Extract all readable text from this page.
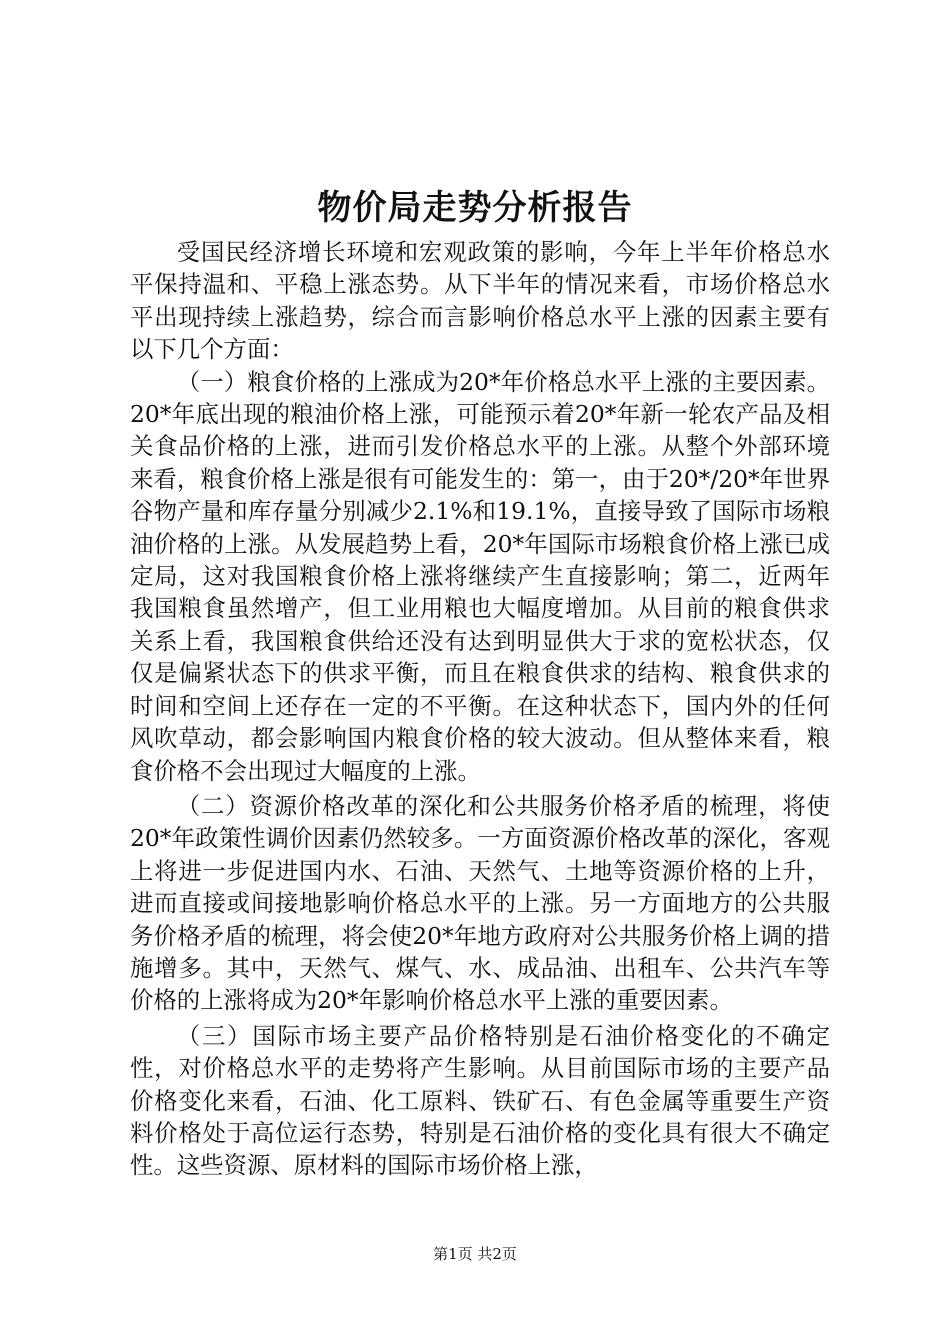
物价局走势分析报告

受国民经济增长环境和宏观政策的影响，今年上半年价格总水平保持温和、平稳上涨态势。从下半年的情况来看，市场价格总水平出现持续上涨趋势，综合而言影响价格总水平上涨的因素主要有以下几个方面：

（一）粮食价格的上涨成为20*年价格总水平上涨的主要因素。20*年底出现的粮油价格上涨，可能预示着20*年新一轮农产品及相关食品价格的上涨，进而引发价格总水平的上涨。从整个外部环境来看，粮食价格上涨是很有可能发生的：第一，由于20*/20*年世界谷物产量和库存量分别减少2.1%和19.1%，直接导致了国际市场粮油价格的上涨。从发展趋势上看，20*年国际市场粮食价格上涨已成定局，这对我国粮食价格上涨将继续产生直接影响；第二，近两年我国粮食虽然增产，但工业用粮也大幅度增加。从目前的粮食供求关系上看，我国粮食供给还没有达到明显供大于求的宽松状态，仅仅是偏紧状态下的供求平衡，而且在粮食供求的结构、粮食供求的时间和空间上还存在一定的不平衡。在这种状态下，国内外的任何风吹草动，都会影响国内粮食价格的较大波动。但从整体来看，粮食价格不会出现过大幅度的上涨。

（二）资源价格改革的深化和公共服务价格矛盾的梳理，将使20*年政策性调价因素仍然较多。一方面资源价格改革的深化，客观上将进一步促进国内水、石油、天然气、土地等资源价格的上升，进而直接或间接地影响价格总水平的上涨。另一方面地方的公共服务价格矛盾的梳理，将会使20*年地方政府对公共服务价格上调的措施增多。其中，天然气、煤气、水、成品油、出租车、公共汽车等价格的上涨将成为20*年影响价格总水平上涨的重要因素。

（三）国际市场主要产品价格特别是石油价格变化的不确定性，对价格总水平的走势将产生影响。从目前国际市场的主要产品价格变化来看，石油、化工原料、铁矿石、有色金属等重要生产资料价格处于高位运行态势，特别是石油价格的变化具有很大不确定性。这些资源、原材料的国际市场价格上涨，

第1页 共2页
